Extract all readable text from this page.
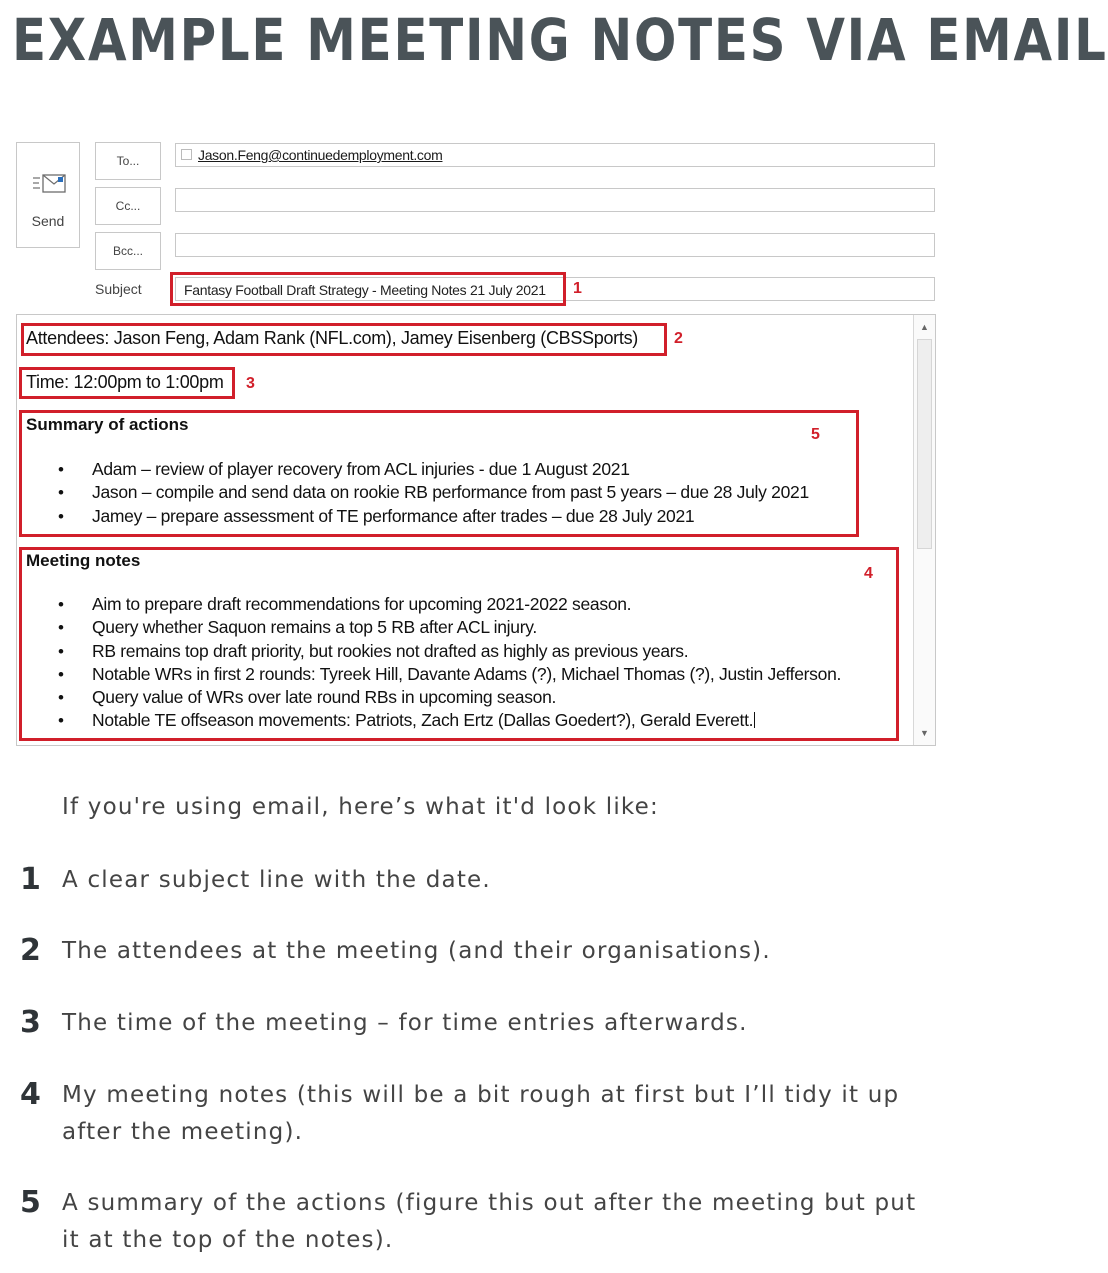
EXAMPLE MEETING NOTES VIA EMAIL
Send
To...
Cc...
Bcc...
Jason.Feng@continuedemployment.com
Subject	Fantasy Football Draft Strategy - Meeting Notes 21 July 2021 1
▲
▼
Attendees: Jason Feng, Adam Rank (NFL.com), Jamey Eisenberg (CBSSports) 2
Time: 12:00pm to 1:00pm 3
Summary of actions
5
• Adam – review of player recovery from ACL injuries - due 1 August 2021
• Jason – compile and send data on rookie RB performance from past 5 years – due 28 July 2021
• Jamey – prepare assessment of TE performance after trades – due 28 July 2021
Meeting notes
4
• Aim to prepare draft recommendations for upcoming 2021-2022 season.
• Query whether Saquon remains a top 5 RB after ACL injury.
• RB remains top draft priority, but rookies not drafted as highly as previous years.
• Notable WRs in first 2 rounds: Tyreek Hill, Davante Adams (?), Michael Thomas (?), Justin Jefferson.
• Query value of WRs over late round RBs in upcoming season.
• Notable TE offseason movements: Patriots, Zach Ertz (Dallas Goedert?), Gerald Everett.

If you're using email, here’s what it'd look like:

1 A clear subject line with the date.
2 The attendees at the meeting (and their organisations).
3 The time of the meeting – for time entries afterwards.
4 My meeting notes (this will be a bit rough at first but I’ll tidy it up after the meeting).
5 A summary of the actions (figure this out after the meeting but put it at the top of the notes).
